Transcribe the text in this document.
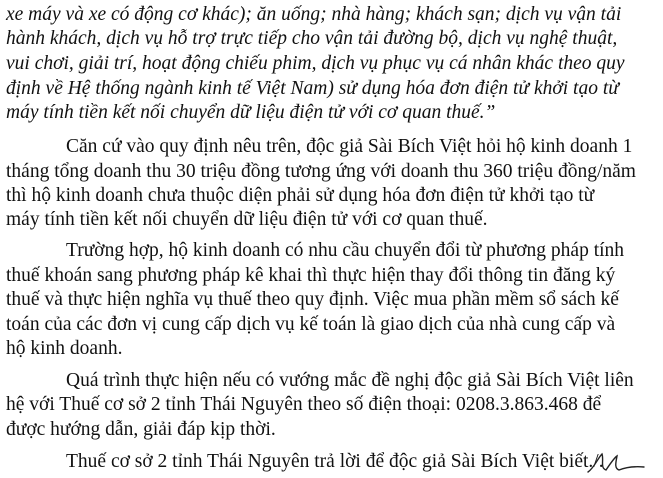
xe máy và xe có động cơ khác); ăn uống; nhà hàng; khách sạn; dịch vụ vận tải
hành khách, dịch vụ hỗ trợ trực tiếp cho vận tải đường bộ, dịch vụ nghệ thuật,
vui chơi, giải trí, hoạt động chiếu phim, dịch vụ phục vụ cá nhân khác theo quy
định về Hệ thống ngành kinh tế Việt Nam) sử dụng hóa đơn điện tử khởi tạo từ
máy tính tiền kết nối chuyển dữ liệu điện tử với cơ quan thuế.”
Căn cứ vào quy định nêu trên, độc giả Sài Bích Việt hỏi hộ kinh doanh 1
tháng tổng doanh thu 30 triệu đồng tương ứng với doanh thu 360 triệu đồng/năm
thì hộ kinh doanh chưa thuộc diện phải sử dụng hóa đơn điện tử khởi tạo từ
máy tính tiền kết nối chuyển dữ liệu điện tử với cơ quan thuế.
Trường hợp, hộ kinh doanh có nhu cầu chuyển đổi từ phương pháp tính
thuế khoán sang phương pháp kê khai thì thực hiện thay đổi thông tin đăng ký
thuế và thực hiện nghĩa vụ thuế theo quy định. Việc mua phần mềm sổ sách kế
toán của các đơn vị cung cấp dịch vụ kế toán là giao dịch của nhà cung cấp và
hộ kinh doanh.
Quá trình thực hiện nếu có vướng mắc đề nghị độc giả Sài Bích Việt liên
hệ với Thuế cơ sở 2 tỉnh Thái Nguyên theo số điện thoại: 0208.3.863.468 để
được hướng dẫn, giải đáp kịp thời.
Thuế cơ sở 2 tỉnh Thái Nguyên trả lời để độc giả Sài Bích Việt biết./.
